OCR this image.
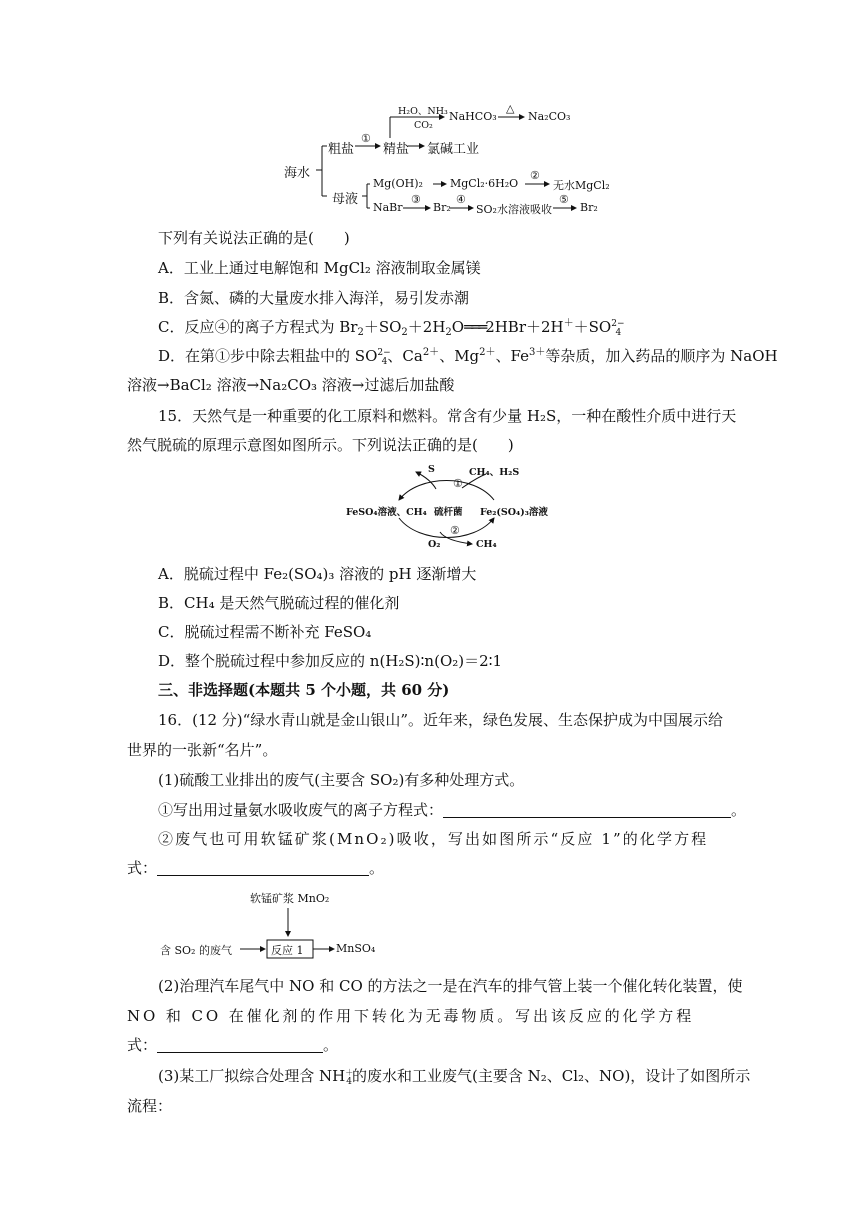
海水
粗盐
①
精盐 氯碱工业
H₂O、NH₃
CO₂
NaHCO₃
△
Na₂CO₃
母液
Mg(OH)₂ MgCl₂·6H₂O
②
无水MgCl₂
NaBr
③
Br₂
④
SO₂水溶液吸收
⑤
Br₂
下列有关说法正确的是(　　)
A．工业上通过电解饱和 MgCl₂ 溶液制取金属镁
B．含氮、磷的大量废水排入海洋，易引发赤潮
C．反应④的离子方程式为 $Br_2+SO_2+2H_2O═══2HBr+2H^++SO^{2-}_4$
D．在第①步中除去粗盐中的 $SO^{2-}_4$、$Ca^{2+}$、$Mg^{2+}$、$Fe^{3+}$等杂质，加入药品的顺序为 NaOH
溶液→BaCl₂ 溶液→Na₂CO₃ 溶液→过滤后加盐酸
15．天然气是一种重要的化工原料和燃料。常含有少量 H₂S，一种在酸性介质中进行天
然气脱硫的原理示意图如图所示。下列说法正确的是(　　)
S	CH₄、H₂S
①
FeSO₄溶液、CH₄ 硫杆菌 Fe₂(SO₄)₃溶液
O₂
②
CH₄
A．脱硫过程中 Fe₂(SO₄)₃ 溶液的 pH 逐渐增大
B．CH₄ 是天然气脱硫过程的催化剂
C．脱硫过程需不断补充 FeSO₄
D．整个脱硫过程中参加反应的 n(H₂S)∶n(O₂)＝2∶1
三、非选择题(本题共 5 个小题，共 60 分)
16．(12 分)“绿水青山就是金山银山”。近年来，绿色发展、生态保护成为中国展示给
世界的一张新“名片”。
(1)硫酸工业排出的废气(主要含 SO₂)有多种处理方式。
①写出用过量氨水吸收废气的离子方程式：	。
②废气也可用软锰矿浆(MnO₂)吸收，写出如图所示“反应 1”的化学方程
式：	。
软锰矿浆 MnO₂
含 SO₂ 的废气	反应 1	MnSO₄
(2)治理汽车尾气中 NO 和 CO 的方法之一是在汽车的排气管上装一个催化转化装置，使
NO 和 CO 在催化剂的作用下转化为无毒物质。写出该反应的化学方程
式：	。
(3)某工厂拟综合处理含 $NH^+_4$的废水和工业废气(主要含 N₂、Cl₂、NO)，设计了如图所示
流程：
